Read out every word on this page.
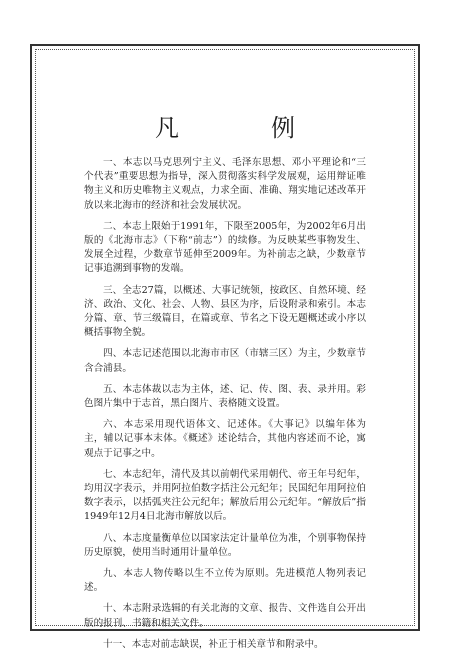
凡　例

一、本志以马克思列宁主义、毛泽东思想、邓小平理论和“三个代表”重要思想为指导，深入贯彻落实科学发展观，运用辩证唯物主义和历史唯物主义观点，力求全面、准确、翔实地记述改革开放以来北海市的经济和社会发展状况。

二、本志上限始于1991年，下限至2005年，为2002年6月出版的《北海市志》（下称“前志”）的续修。为反映某些事物发生、发展全过程，少数章节延伸至2009年。为补前志之缺，少数章节记事追溯到事物的发端。

三、全志27篇，以概述、大事记统领，按政区、自然环境、经济、政治、文化、社会、人物、县区为序，后设附录和索引。本志分篇、章、节三级篇目，在篇或章、节名之下设无题概述或小序以概括事物全貌。

四、本志记述范围以北海市市区（市辖三区）为主，少数章节含合浦县。

五、本志体裁以志为主体，述、记、传、图、表、录并用。彩色图片集中于志首，黑白图片、表格随文设置。

六、本志采用现代语体文、记述体。《大事记》以编年体为主，辅以记事本末体。《概述》述论结合，其他内容述而不论，寓观点于记事之中。

七、本志纪年，清代及其以前朝代采用朝代、帝王年号纪年，均用汉字表示，并用阿拉伯数字括注公元纪年；民国纪年用阿拉伯数字表示，以括弧夹注公元纪年；解放后用公元纪年。“解放后”指1949年12月4日北海市解放以后。

八、本志度量衡单位以国家法定计量单位为准，个别事物保持历史原貌，使用当时通用计量单位。

九、本志人物传略以生不立传为原则。先进模范人物列表记述。

十、本志附录选辑的有关北海的文章、报告、文件选自公开出版的报刊、书籍和相关文件。

十一、本志对前志缺误，补正于相关章节和附录中。
